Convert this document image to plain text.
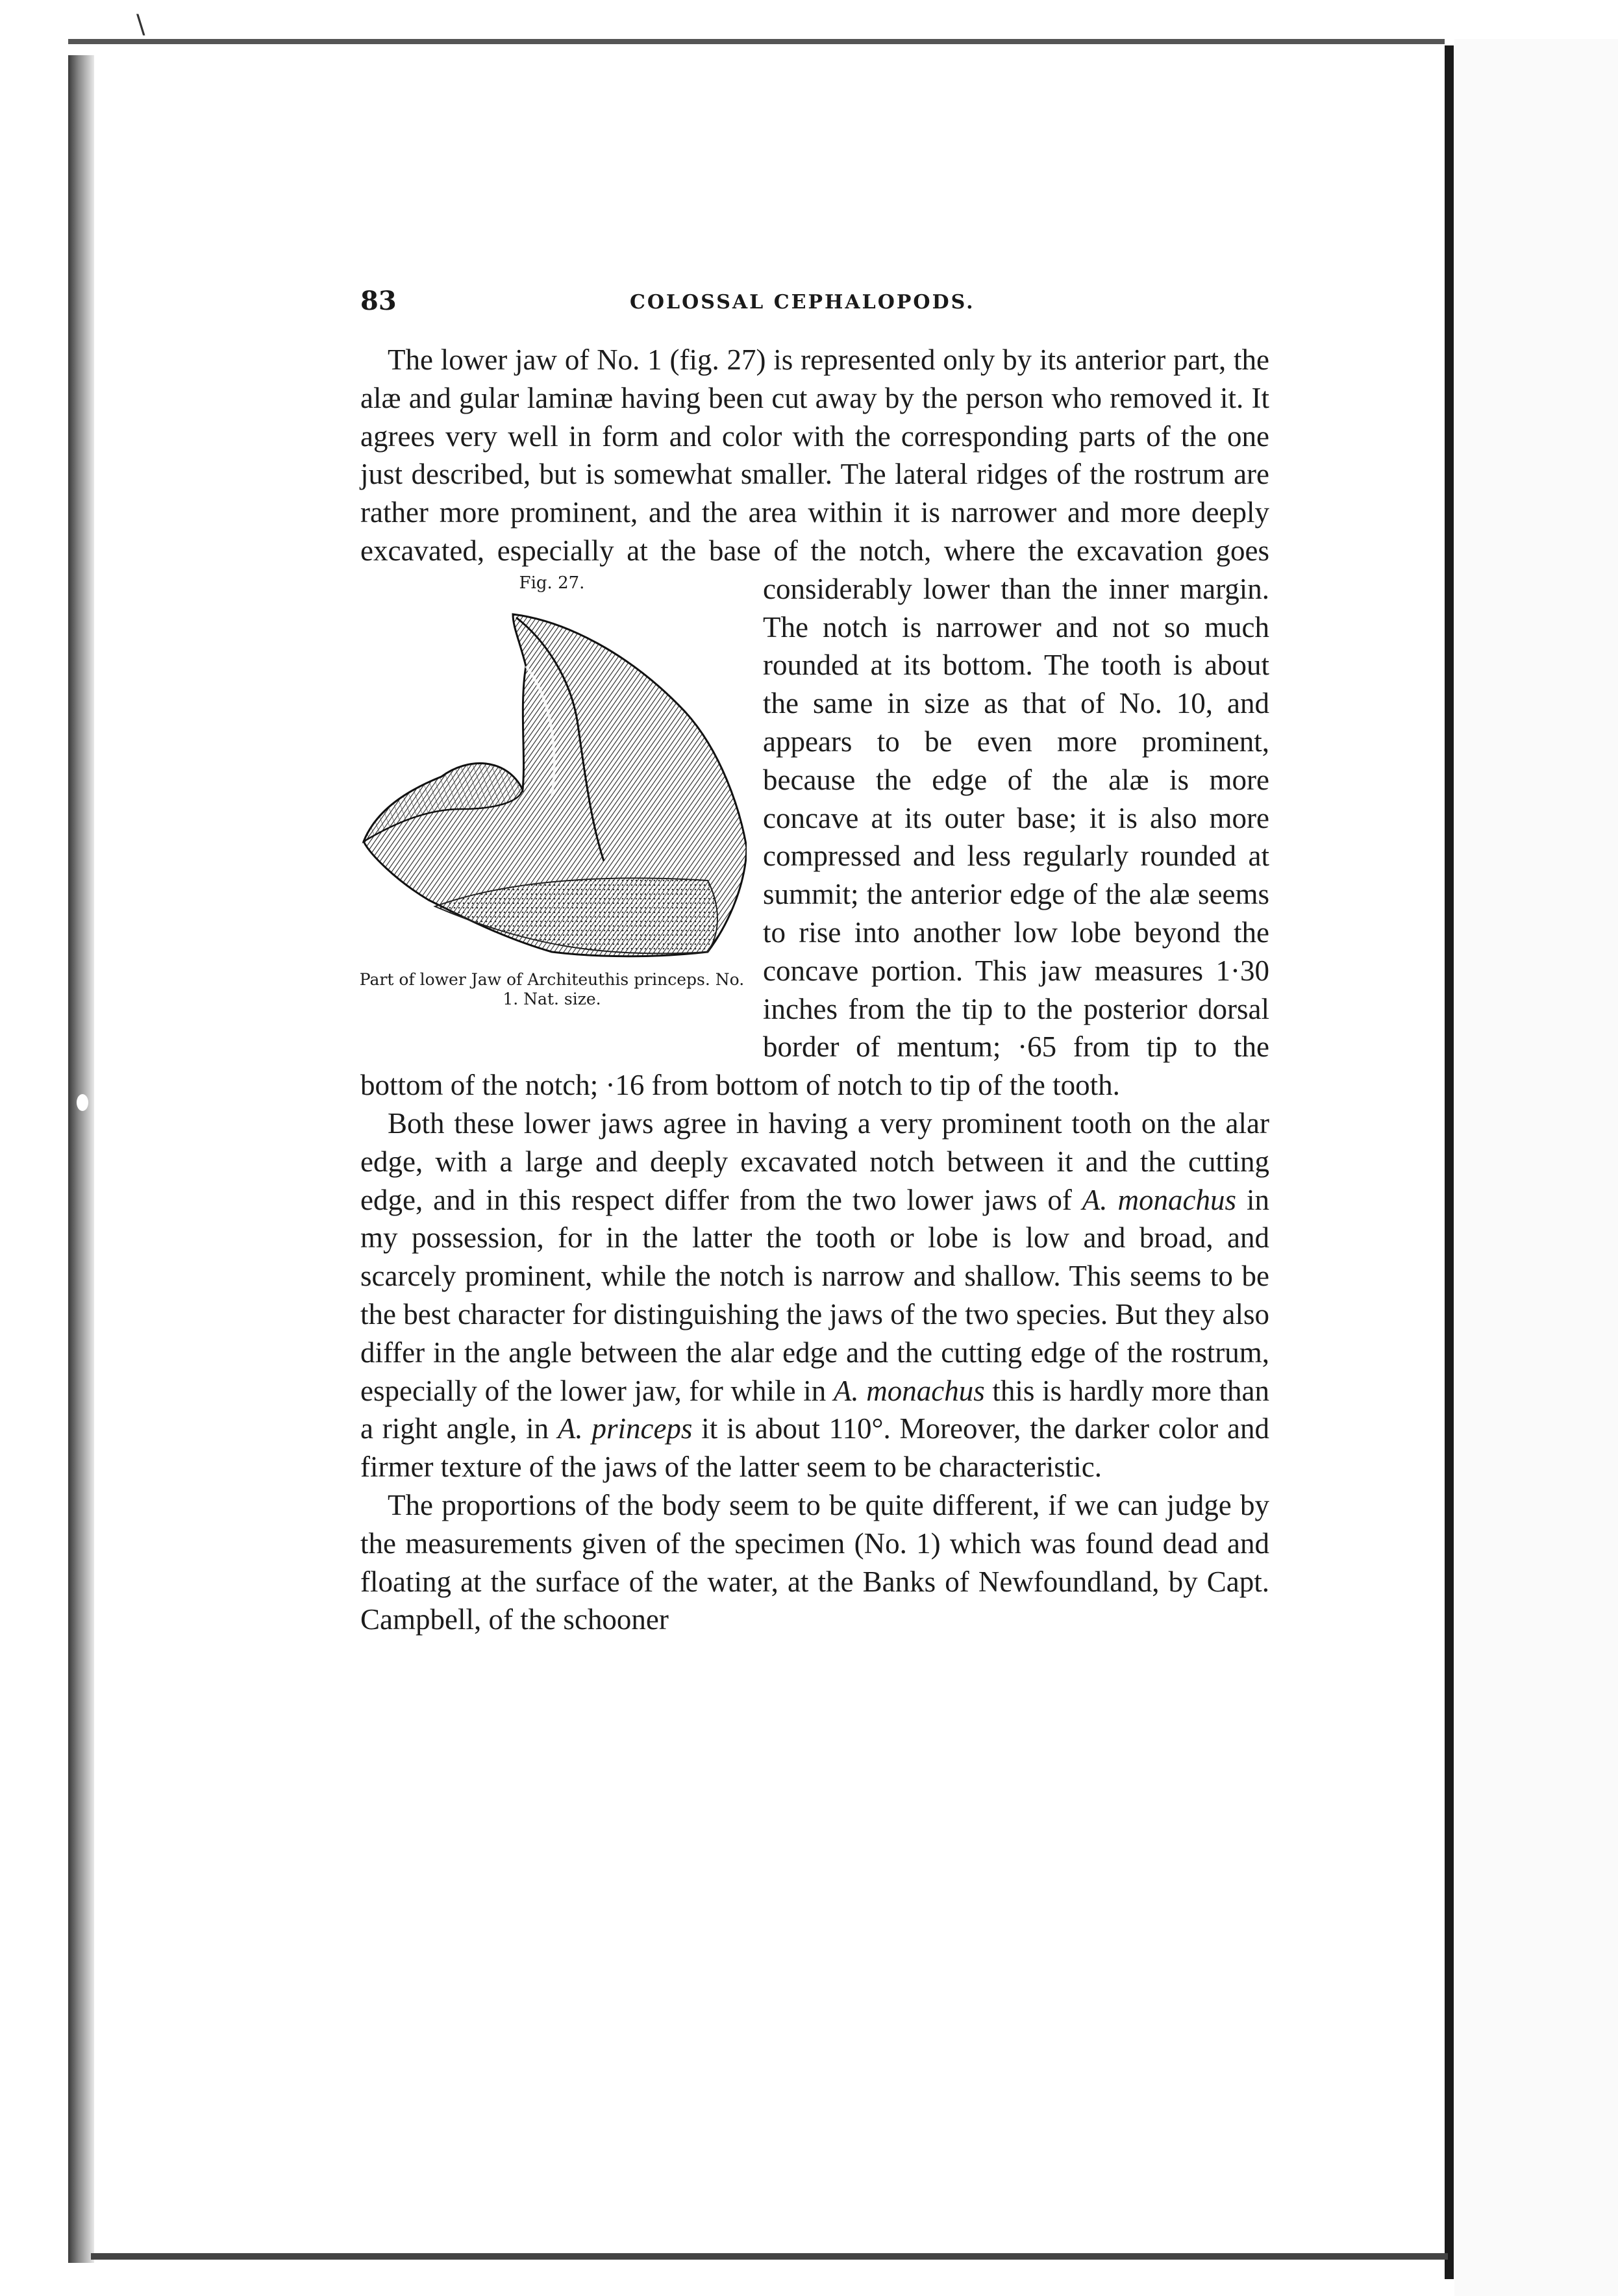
83	COLOSSAL CEPHALOPODS.

The lower jaw of No. 1 (fig. 27) is represented only by its anterior part, the alæ and gular laminæ having been cut away by the person who removed it. It agrees very well in form and color with the corresponding parts of the one just described, but is somewhat smaller. The lateral ridges of the rostrum are rather more prominent, and the area within it is narrower and more deeply excavated, especially at the base of the notch, where the
Fig. 27.
Part of lower Jaw of Architeuthis princeps. No. 1. Nat. size.
excavation goes considerably lower than the inner margin. The notch is narrower and not so much rounded at its bottom. The tooth is about the same in size as that of No. 10, and appears to be even more prominent, because the edge of the alæ is more concave at its outer base; it is also more compressed and less regularly rounded at summit; the anterior edge of the alæ seems to rise into another low lobe beyond the concave portion. This jaw measures 1·30 inches from the tip to the posterior dorsal border of mentum; ·65 from tip to the bottom of the notch; ·16 from bottom of notch to tip of the tooth.

Both these lower jaws agree in having a very prominent tooth on the alar edge, with a large and deeply excavated notch between it and the cutting edge, and in this respect differ from the two lower jaws of A. monachus in my possession, for in the latter the tooth or lobe is low and broad, and scarcely prominent, while the notch is narrow and shallow. This seems to be the best character for distinguishing the jaws of the two species. But they also differ in the angle between the alar edge and the cutting edge of the rostrum, especially of the lower jaw, for while in A. monachus this is hardly more than a right angle, in A. princeps it is about 110°. Moreover, the darker color and firmer texture of the jaws of the latter seem to be characteristic.

The proportions of the body seem to be quite different, if we can judge by the measurements given of the specimen (No. 1) which was found dead and floating at the surface of the water, at the Banks of Newfoundland, by Capt. Campbell, of the schooner

\
